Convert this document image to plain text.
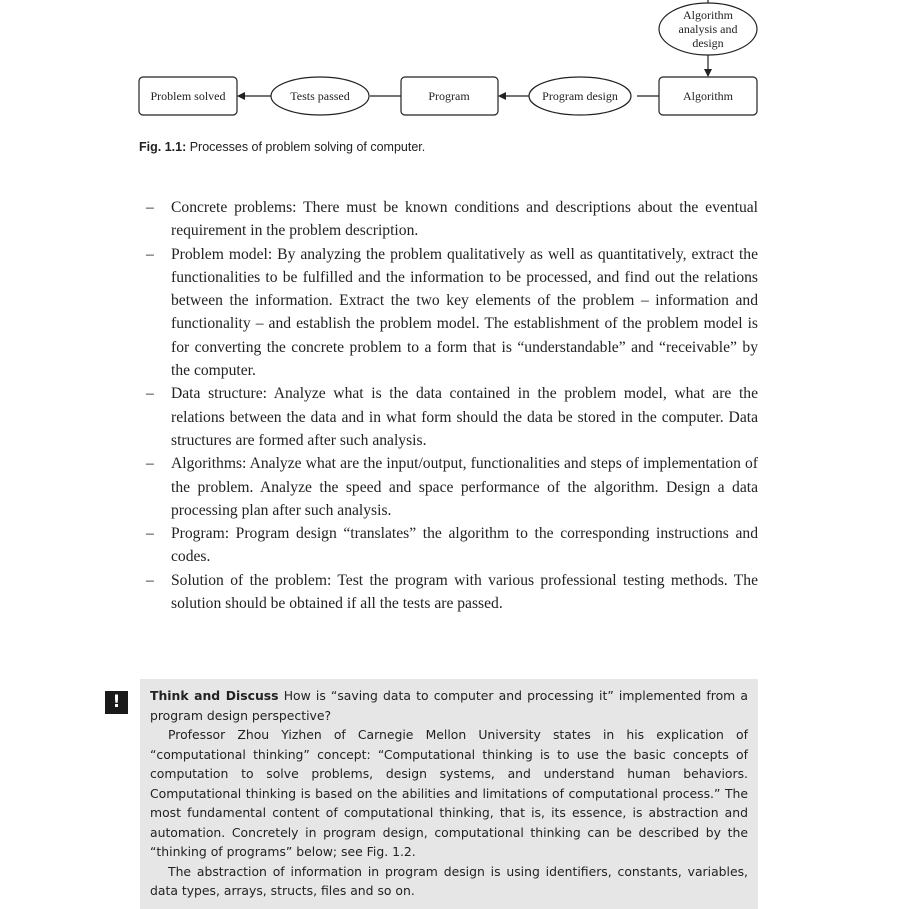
Algorithm
analysis and
design
Algorithm
Program design
Program
Tests passed
Problem solved
Fig. 1.1: Processes of problem solving of computer.
– Concrete problems: There must be known conditions and descriptions about the eventual requirement in the problem description.
– Problem model: By analyzing the problem qualitatively as well as quantitatively, extract the functionalities to be fulfilled and the information to be processed, and find out the relations between the information. Extract the two key elements of the problem – information and functionality – and establish the problem model. The establishment of the problem model is for converting the concrete problem to a form that is “understandable” and “receivable” by the computer.
– Data structure: Analyze what is the data contained in the problem model, what are the relations between the data and in what form should the data be stored in the computer. Data structures are formed after such analysis.
– Algorithms: Analyze what are the input/output, functionalities and steps of implementation of the problem. Analyze the speed and space performance of the algorithm. Design a data processing plan after such analysis.
– Program: Program design “translates” the algorithm to the corresponding instructions and codes.
– Solution of the problem: Test the program with various professional testing methods. The solution should be obtained if all the tests are passed.
!	Think and Discuss How is “saving data to computer and processing it” implemented from a program design perspective?

Professor Zhou Yizhen of Carnegie Mellon University states in his explication of “computational thinking” concept: “Computational thinking is to use the basic concepts of computation to solve problems, design systems, and understand human behaviors. Computational thinking is based on the abilities and limitations of computational process.” The most fundamental content of computational thinking, that is, its essence, is abstraction and automation. Concretely in program design, computational thinking can be described by the “thinking of programs” below; see Fig. 1.2.

The abstraction of information in program design is using identifiers, constants, variables, data types, arrays, structs, files and so on.
